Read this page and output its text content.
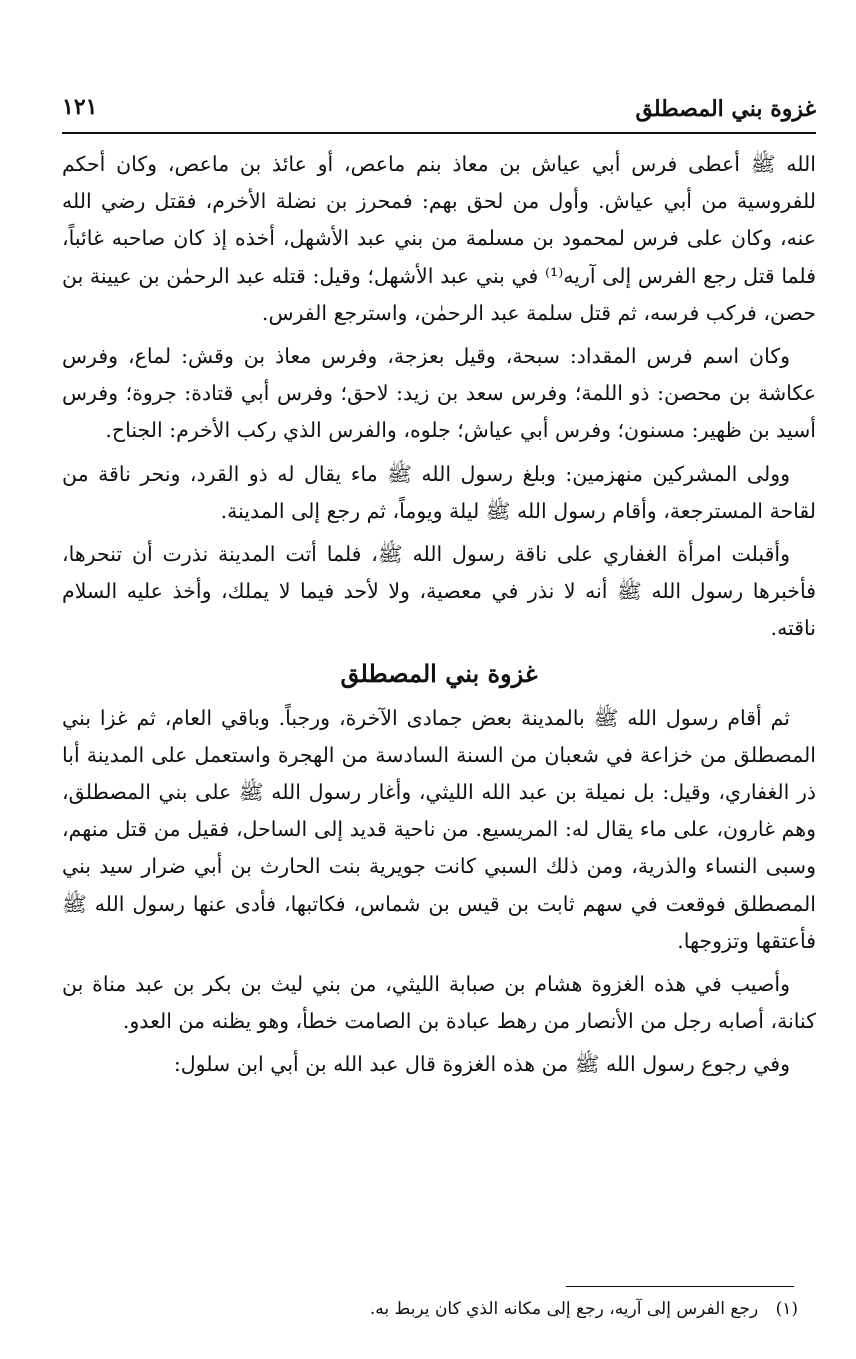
غزوة بني المصطلق
١٢١

الله ﷺ أعطى فرس أبي عياش بن معاذ بنم ماعص، أو عائذ بن ماعص، وكان أحكم للفروسية من أبي عياش. وأول من لحق بهم: فمحرز بن نضلة الأخرم، فقتل رضي الله عنه، وكان على فرس لمحمود بن مسلمة من بني عبد الأشهل، أخذه إذ كان صاحبه غائباً، فلما قتل رجع الفرس إلى آريه⁽¹⁾ في بني عبد الأشهل؛ وقيل: قتله عبد الرحمٰن بن عيينة بن حصن، فركب فرسه، ثم قتل سلمة عبد الرحمٰن، واسترجع الفرس.

وكان اسم فرس المقداد: سبحة، وقيل بعزجة، وفرس معاذ بن وقش: لماع، وفرس عكاشة بن محصن: ذو اللمة؛ وفرس سعد بن زيد: لاحق؛ وفرس أبي قتادة: جروة؛ وفرس أسيد بن ظهير: مسنون؛ وفرس أبي عياش؛ جلوه، والفرس الذي ركب الأخرم: الجناح.

وولى المشركين منهزمين: وبلغ رسول الله ﷺ ماء يقال له ذو القرد، ونحر ناقة من لقاحة المسترجعة، وأقام رسول الله ﷺ ليلة ويوماً، ثم رجع إلى المدينة.

وأقبلت امرأة الغفاري على ناقة رسول الله ﷺ، فلما أتت المدينة نذرت أن تنحرها، فأخبرها رسول الله ﷺ أنه لا نذر في معصية، ولا لأحد فيما لا يملك، وأخذ عليه السلام ناقته.

غزوة بني المصطلق

ثم أقام رسول الله ﷺ بالمدينة بعض جمادى الآخرة، ورجباً. وباقي العام، ثم غزا بني المصطلق من خزاعة في شعبان من السنة السادسة من الهجرة واستعمل على المدينة أبا ذر الغفاري، وقيل: بل نميلة بن عبد الله الليثي، وأغار رسول الله ﷺ على بني المصطلق، وهم غارون، على ماء يقال له: المريسيع. من ناحية قديد إلى الساحل، فقيل من قتل منهم، وسبى النساء والذرية، ومن ذلك السبي كانت جويرية بنت الحارث بن أبي ضرار سيد بني المصطلق فوقعت في سهم ثابت بن قيس بن شماس، فكاتبها، فأدى عنها رسول الله ﷺ فأعتقها وتزوجها.

وأصيب في هذه الغزوة هشام بن صبابة الليثي، من بني ليث بن بكر بن عبد مناة بن كنانة، أصابه رجل من الأنصار من رهط عبادة بن الصامت خطأ، وهو يظنه من العدو.

وفي رجوع رسول الله ﷺ من هذه الغزوة قال عبد الله بن أبي ابن سلول:

(١) رجع الفرس إلى آريه، رجع إلى مكانه الذي كان يربط به.
